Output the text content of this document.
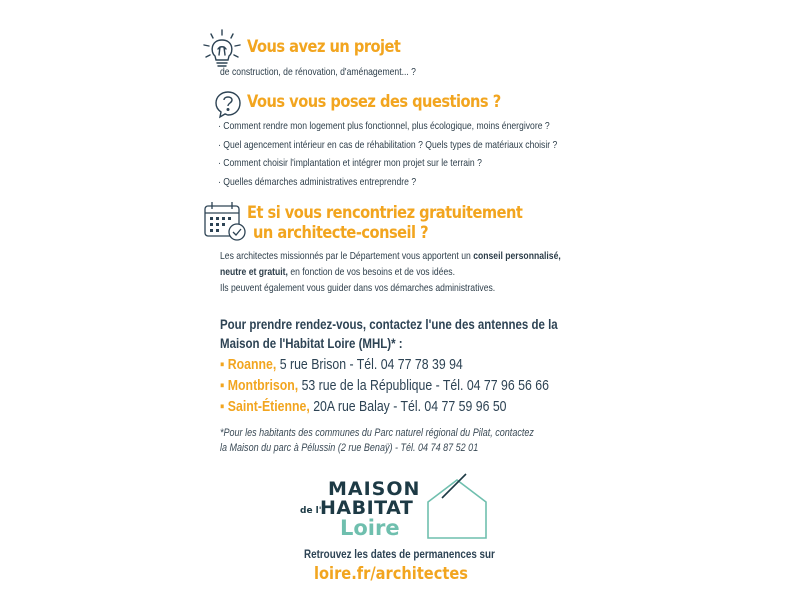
Vous avez un projet
de construction, de rénovation, d'aménagement... ?
Vous vous posez des questions ?
· Comment rendre mon logement plus fonctionnel, plus écologique, moins énergivore ?
· Quel agencement intérieur en cas de réhabilitation ? Quels types de matériaux choisir ?
· Comment choisir l'implantation et intégrer mon projet sur le terrain ?
· Quelles démarches administratives entreprendre ?
Et si vous rencontriez gratuitement
un architecte-conseil ?
Les architectes missionnés par le Département vous apportent un conseil personnalisé,
neutre et gratuit, en fonction de vos besoins et de vos idées.
Ils peuvent également vous guider dans vos démarches administratives.
Pour prendre rendez-vous, contactez l'une des antennes de la
Maison de l'Habitat Loire (MHL)* :
▪ Roanne, 5 rue Brison - Tél. 04 77 78 39 94
▪ Montbrison, 53 rue de la République - Tél. 04 77 96 56 66
▪ Saint-Étienne, 20A rue Balay - Tél. 04 77 59 96 50
*Pour les habitants des communes du Parc naturel régional du Pilat, contactez
la Maison du parc à Pélussin (2 rue Benaÿ) - Tél. 04 74 87 52 01
MAISON
de l'
HABITAT
Loire
Retrouvez les dates de permanences sur
loire.fr/architectes
